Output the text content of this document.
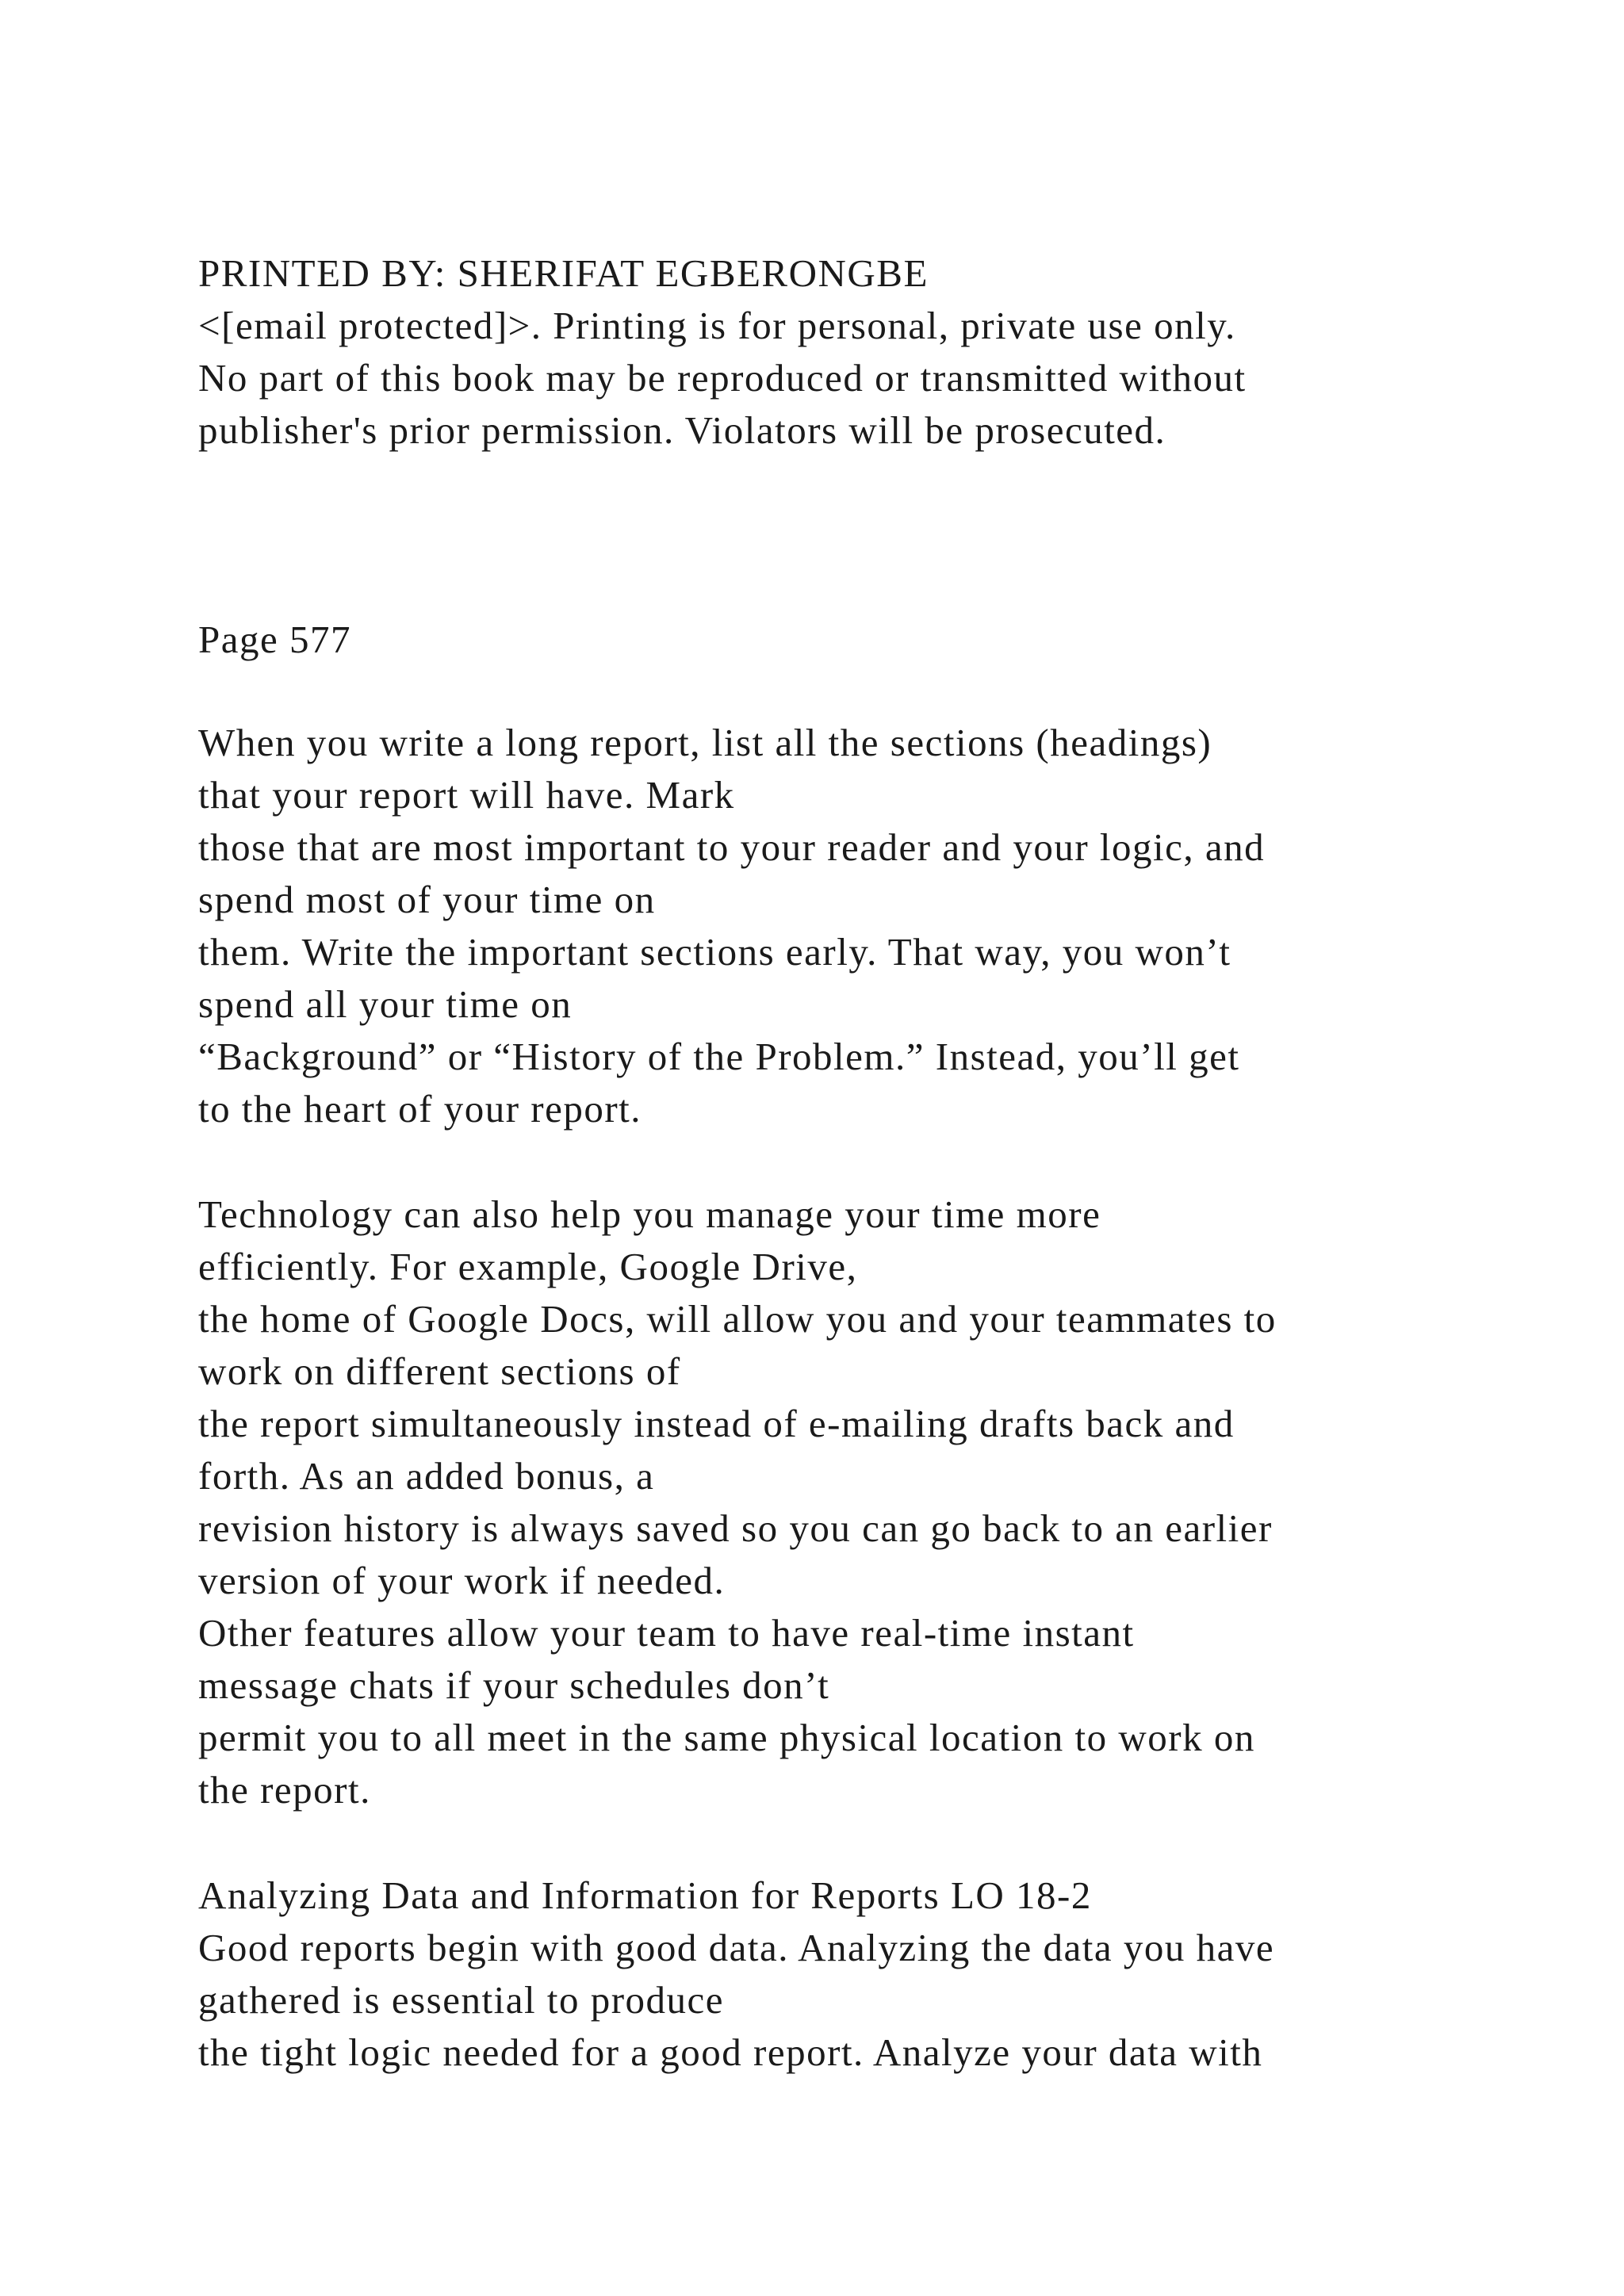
PRINTED BY: SHERIFAT EGBERONGBE
<[email protected]>. Printing is for personal, private use only.
No part of this book may be reproduced or transmitted without
publisher's prior permission. Violators will be prosecuted.
Page 577
When you write a long report, list all the sections (headings)
that your report will have. Mark
those that are most important to your reader and your logic, and
spend most of your time on
them. Write the important sections early. That way, you won’t
spend all your time on
“Background” or “History of the Problem.” Instead, you’ll get
to the heart of your report.
Technology can also help you manage your time more
efficiently. For example, Google Drive,
the home of Google Docs, will allow you and your teammates to
work on different sections of
the report simultaneously instead of e-mailing drafts back and
forth. As an added bonus, a
revision history is always saved so you can go back to an earlier
version of your work if needed.
Other features allow your team to have real-time instant
message chats if your schedules don’t
permit you to all meet in the same physical location to work on
the report.
Analyzing Data and Information for Reports LO 18-2
Good reports begin with good data. Analyzing the data you have
gathered is essential to produce
the tight logic needed for a good report. Analyze your data with
